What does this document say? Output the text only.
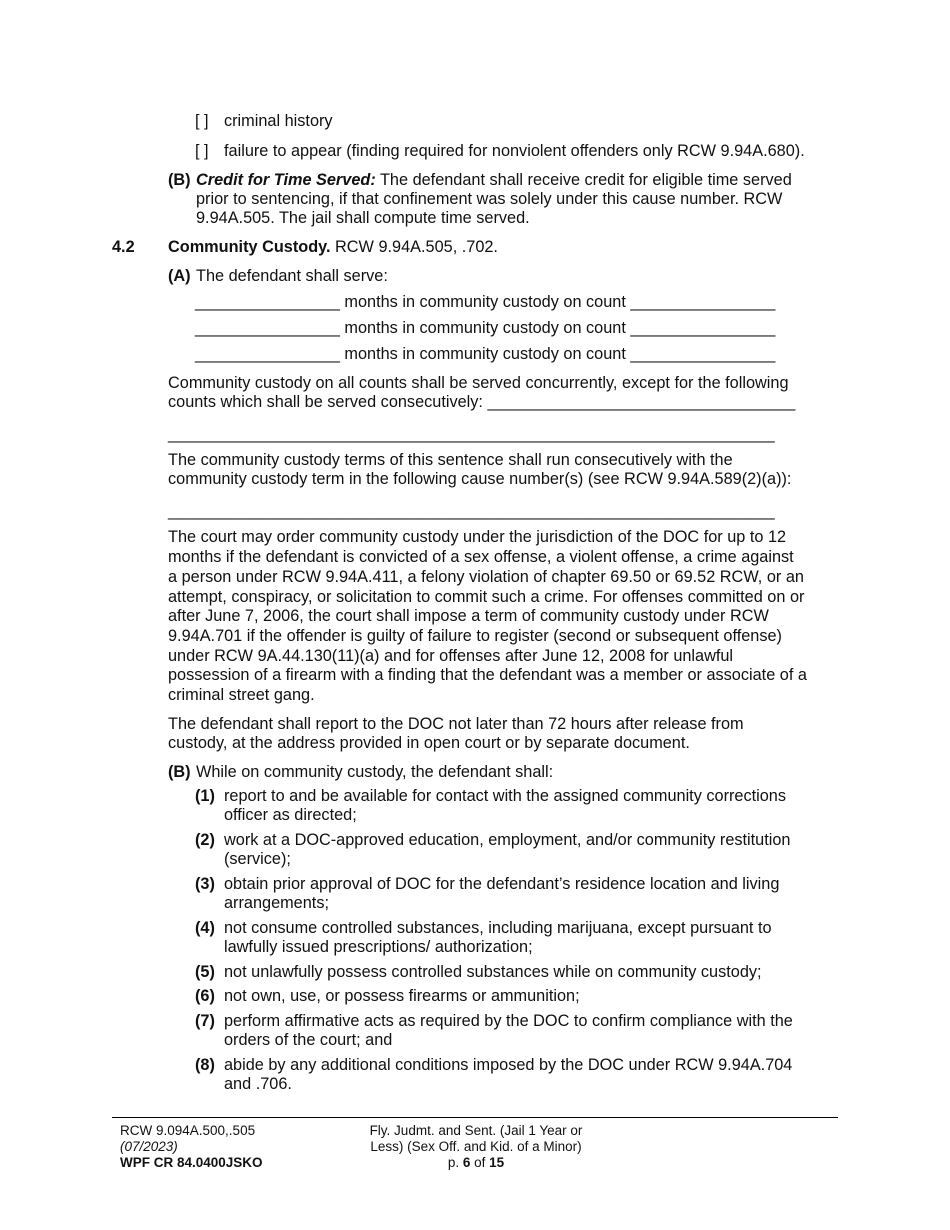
[ ] criminal history
[ ] failure to appear (finding required for nonviolent offenders only RCW 9.94A.680).
(B) Credit for Time Served: The defendant shall receive credit for eligible time served
prior to sentencing, if that confinement was solely under this cause number. RCW
9.94A.505. The jail shall compute time served.
4.2 Community Custody. RCW 9.94A.505, .702.
(A) The defendant shall serve:
________________ months in community custody on count ________________
________________ months in community custody on count ________________
________________ months in community custody on count ________________
Community custody on all counts shall be served concurrently, except for the following
counts which shall be served consecutively: __________________________________
___________________________________________________________________
The community custody terms of this sentence shall run consecutively with the
community custody term in the following cause number(s) (see RCW 9.94A.589(2)(a)):
___________________________________________________________________
The court may order community custody under the jurisdiction of the DOC for up to 12
months if the defendant is convicted of a sex offense, a violent offense, a crime against
a person under RCW 9.94A.411, a felony violation of chapter 69.50 or 69.52 RCW, or an
attempt, conspiracy, or solicitation to commit such a crime. For offenses committed on or
after June 7, 2006, the court shall impose a term of community custody under RCW
9.94A.701 if the offender is guilty of failure to register (second or subsequent offense)
under RCW 9A.44.130(11)(a) and for offenses after June 12, 2008 for unlawful
possession of a firearm with a finding that the defendant was a member or associate of a
criminal street gang.
The defendant shall report to the DOC not later than 72 hours after release from
custody, at the address provided in open court or by separate document.
(B) While on community custody, the defendant shall:
(1) report to and be available for contact with the assigned community corrections
officer as directed;
(2) work at a DOC-approved education, employment, and/or community restitution
(service);
(3) obtain prior approval of DOC for the defendant’s residence location and living
arrangements;
(4) not consume controlled substances, including marijuana, except pursuant to
lawfully issued prescriptions/ authorization;
(5) not unlawfully possess controlled substances while on community custody;
(6) not own, use, or possess firearms or ammunition;
(7) perform affirmative acts as required by the DOC to confirm compliance with the
orders of the court; and
(8) abide by any additional conditions imposed by the DOC under RCW 9.94A.704
and .706.
RCW 9.094A.500,.505
(07/2023)
WPF CR 84.0400JSKO
Fly. Judmt. and Sent. (Jail 1 Year or
Less) (Sex Off. and Kid. of a Minor)
p. 6 of 15
